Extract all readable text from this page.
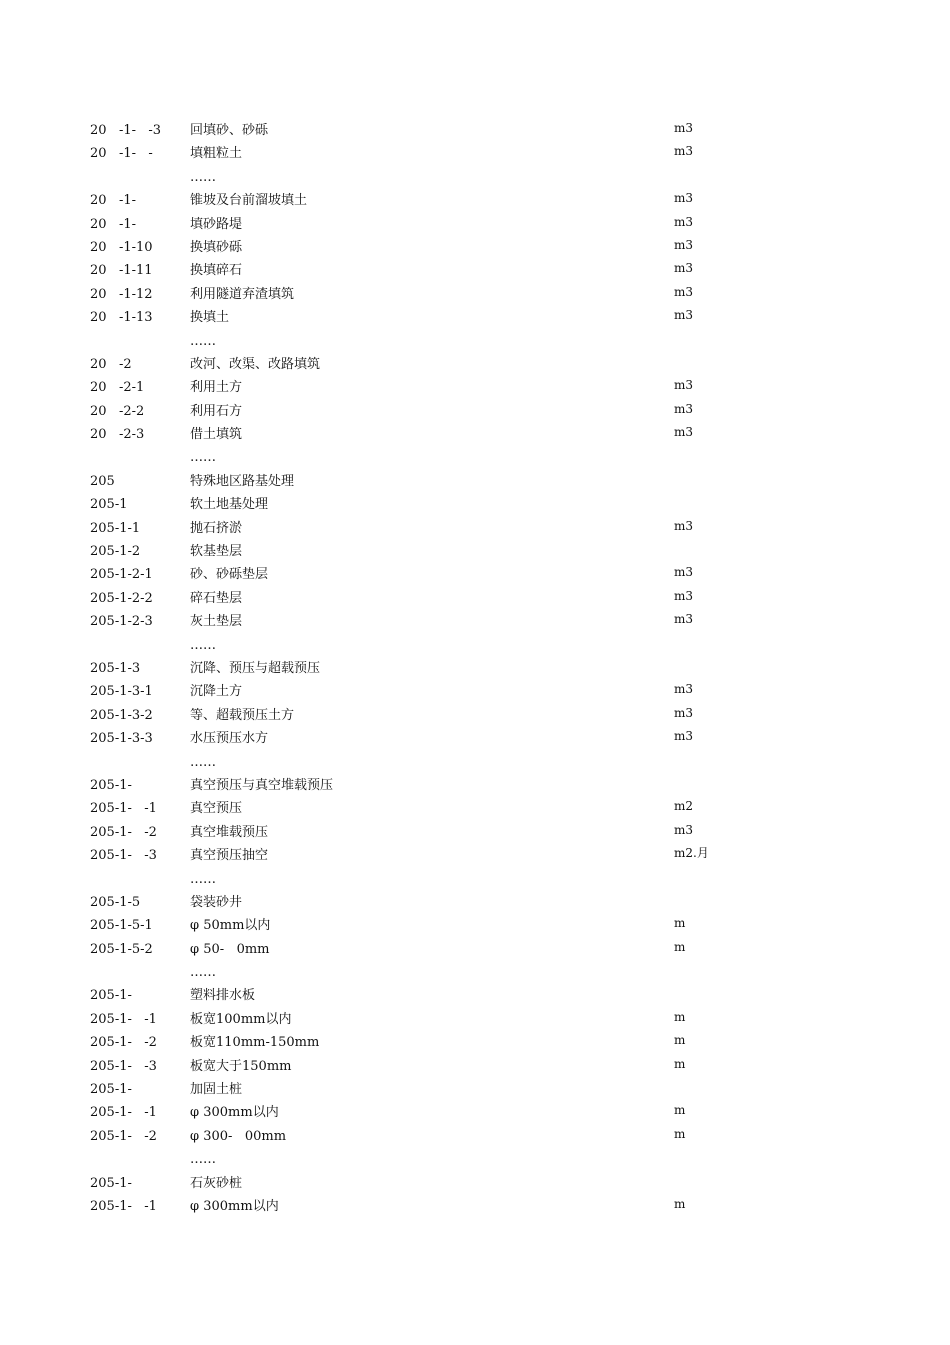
20   -1-   -3	回填砂、砂砾	m3
20   -1-   -	填粗粒土	m3
……
20   -1-	锥坡及台前溜坡填土	m3
20   -1-	填砂路堤	m3
20   -1-10	换填砂砾	m3
20   -1-11	换填碎石	m3
20   -1-12	利用隧道弃渣填筑	m3
20   -1-13	换填土	m3
……
20   -2	改河、改渠、改路填筑
20   -2-1	利用土方	m3
20   -2-2	利用石方	m3
20   -2-3	借土填筑	m3
……
205	特殊地区路基处理
205-1	软土地基处理
205-1-1	抛石挤淤	m3
205-1-2	软基垫层
205-1-2-1	砂、砂砾垫层	m3
205-1-2-2	碎石垫层	m3
205-1-2-3	灰土垫层	m3
……
205-1-3	沉降、预压与超载预压
205-1-3-1	沉降土方	m3
205-1-3-2	等、超载预压土方	m3
205-1-3-3	水压预压水方	m3
……
205-1-	真空预压与真空堆载预压
205-1-   -1	真空预压	m2
205-1-   -2	真空堆载预压	m3
205-1-   -3	真空预压抽空	m2.月
……
205-1-5	袋装砂井
205-1-5-1	φ 50mm以内	m
205-1-5-2	φ 50-   0mm	m
……
205-1-	塑料排水板
205-1-   -1	板宽100mm以内	m
205-1-   -2	板宽110mm-150mm	m
205-1-   -3	板宽大于150mm	m
205-1-	加固土桩
205-1-   -1	φ 300mm以内	m
205-1-   -2	φ 300-   00mm	m
……
205-1-	石灰砂桩
205-1-   -1	φ 300mm以内	m
